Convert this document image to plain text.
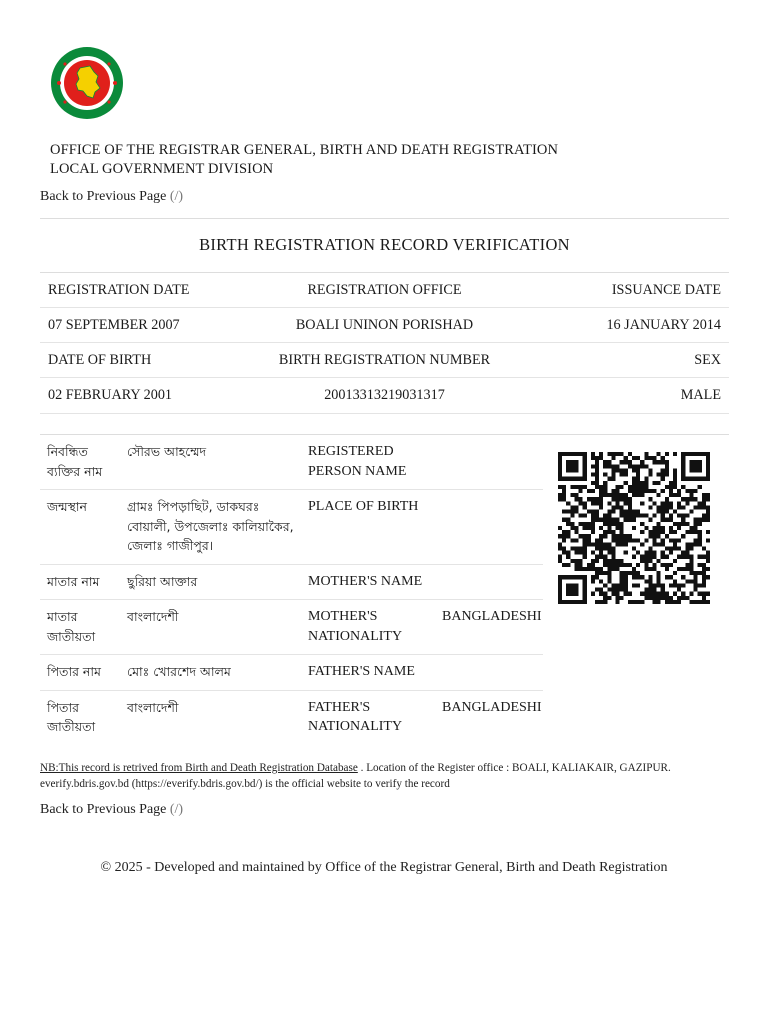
OFFICE OF THE REGISTRAR GENERAL, BIRTH AND DEATH REGISTRATION
LOCAL GOVERNMENT DIVISION
Back to Previous Page (/)
BIRTH REGISTRATION RECORD VERIFICATION
REGISTRATION DATE	REGISTRATION OFFICE	ISSUANCE DATE
07 SEPTEMBER 2007	BOALI UNINON PORISHAD	16 JANUARY 2014
DATE OF BIRTH	BIRTH REGISTRATION NUMBER	SEX
02 FEBRUARY 2001	20013313219031317	MALE
নিবন্ধিত ব্যক্তির নাম	সৌরভ আহম্মেদ	REGISTERED PERSON NAME	
জন্মস্থান	গ্রামঃ পিপড়াছিট, ডাকঘরঃ বোয়ালী, উপজেলাঃ কালিয়াকৈর, জেলাঃ গাজীপুর।	PLACE OF BIRTH	
মাতার নাম	ছুরিয়া আক্তার	MOTHER'S NAME	
মাতার জাতীয়তা	বাংলাদেশী	MOTHER'S NATIONALITY	BANGLADESHI
পিতার নাম	মোঃ খোরশেদ আলম	FATHER'S NAME	
পিতার জাতীয়তা	বাংলাদেশী	FATHER'S NATIONALITY	BANGLADESHI
NB:This record is retrived from Birth and Death Registration Database . Location of the Register office : BOALI, KALIAKAIR, GAZIPUR.
everify.bdris.gov.bd (https://everify.bdris.gov.bd/) is the official website to verify the record
Back to Previous Page (/)
© 2025 - Developed and maintained by Office of the Registrar General, Birth and Death Registration
